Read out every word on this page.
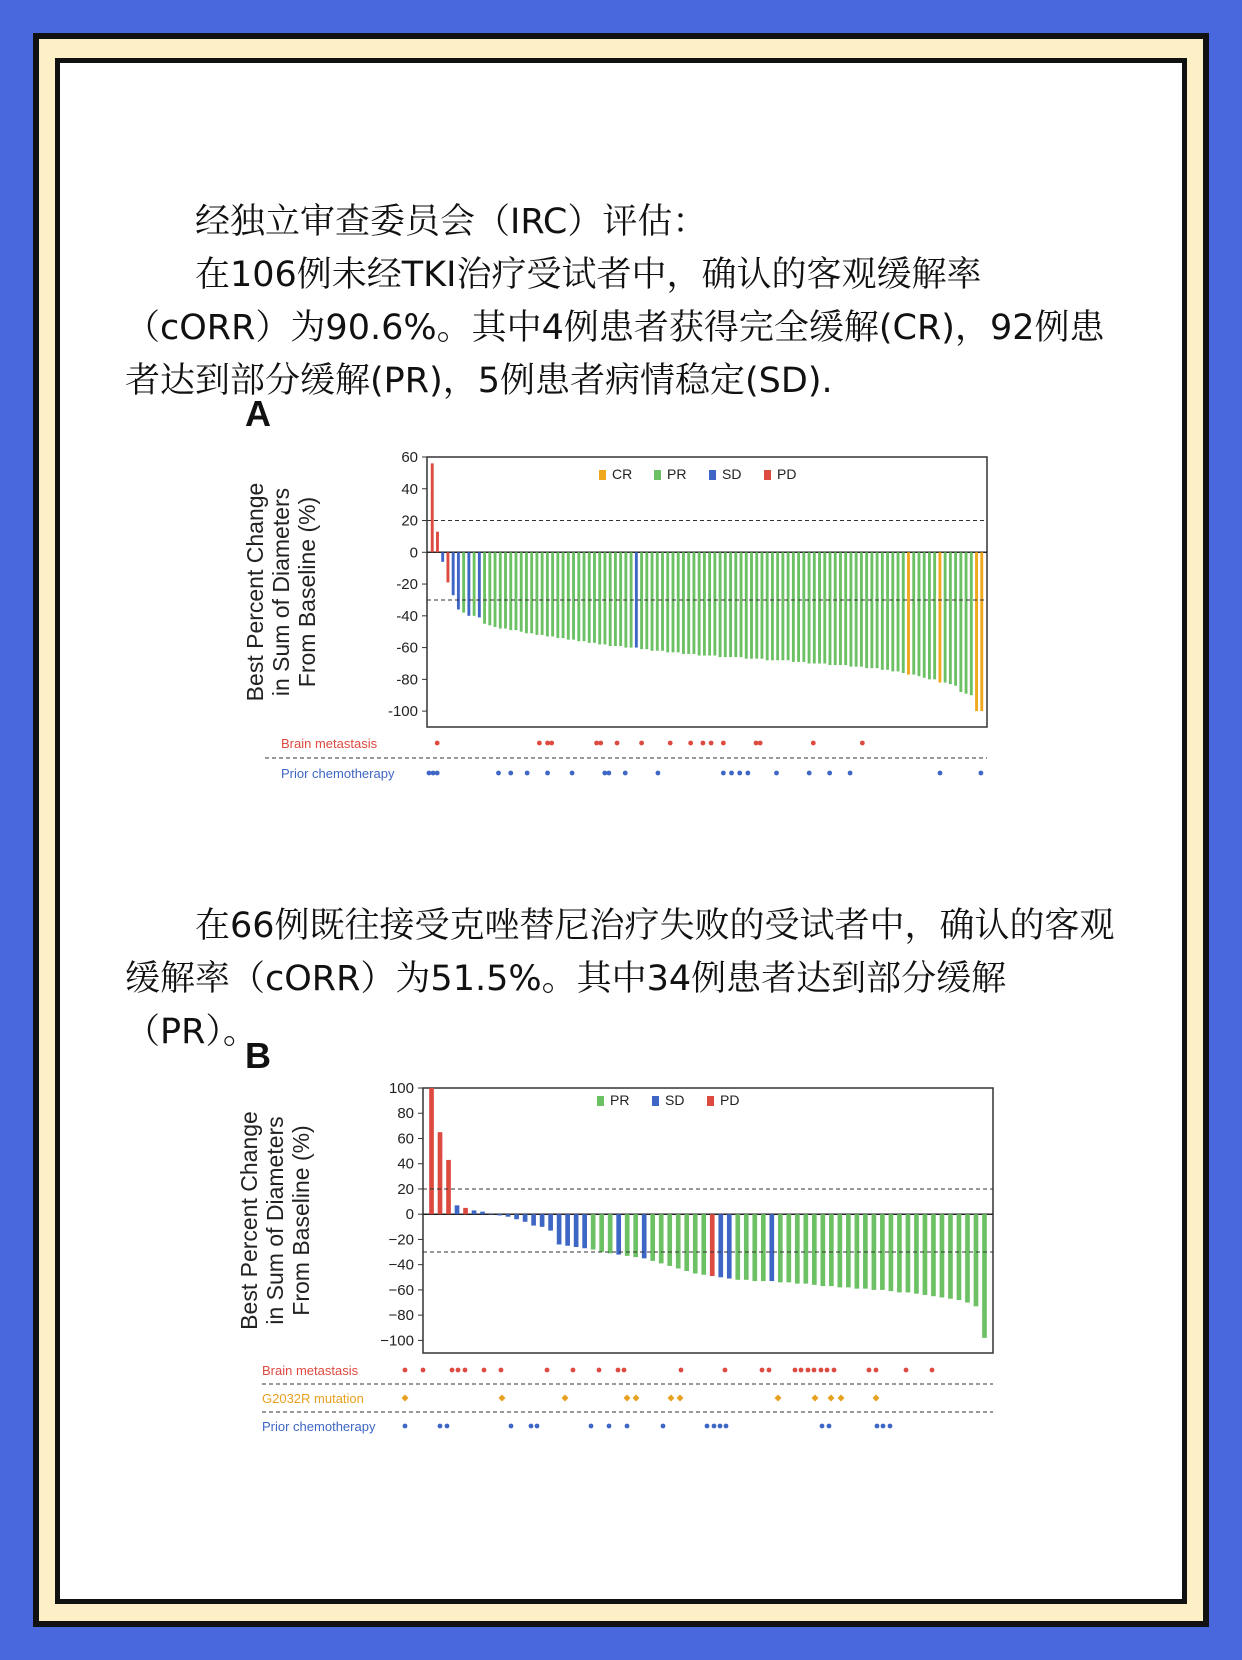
经独立审查委员会（IRC）评估：

在106例未经TKI治疗受试者中，确认的客观缓解率（cORR）为90.6%。其中4例患者获得完全缓解(CR)，92例患者达到部分缓解(PR)，5例患者病情稳定(SD).

在66例既往接受克唑替尼治疗失败的受试者中，确认的客观缓解率（cORR）为51.5%。其中34例患者达到部分缓解（PR）。

A
60
40
20
0
-20
-40
-60
-80
-100
Best Percent Change in Sum of Diameters From Baseline (%)
CR PR	SD	PD
Brain metastasis
Prior chemotherapy
B
100
80
60
40
20
0
−20
−40
−60
−80
−100
Best Percent Change in Sum of Diameters From Baseline (%)
PR	SD	PD
Brain metastasis
G2032R mutation
Prior chemotherapy
